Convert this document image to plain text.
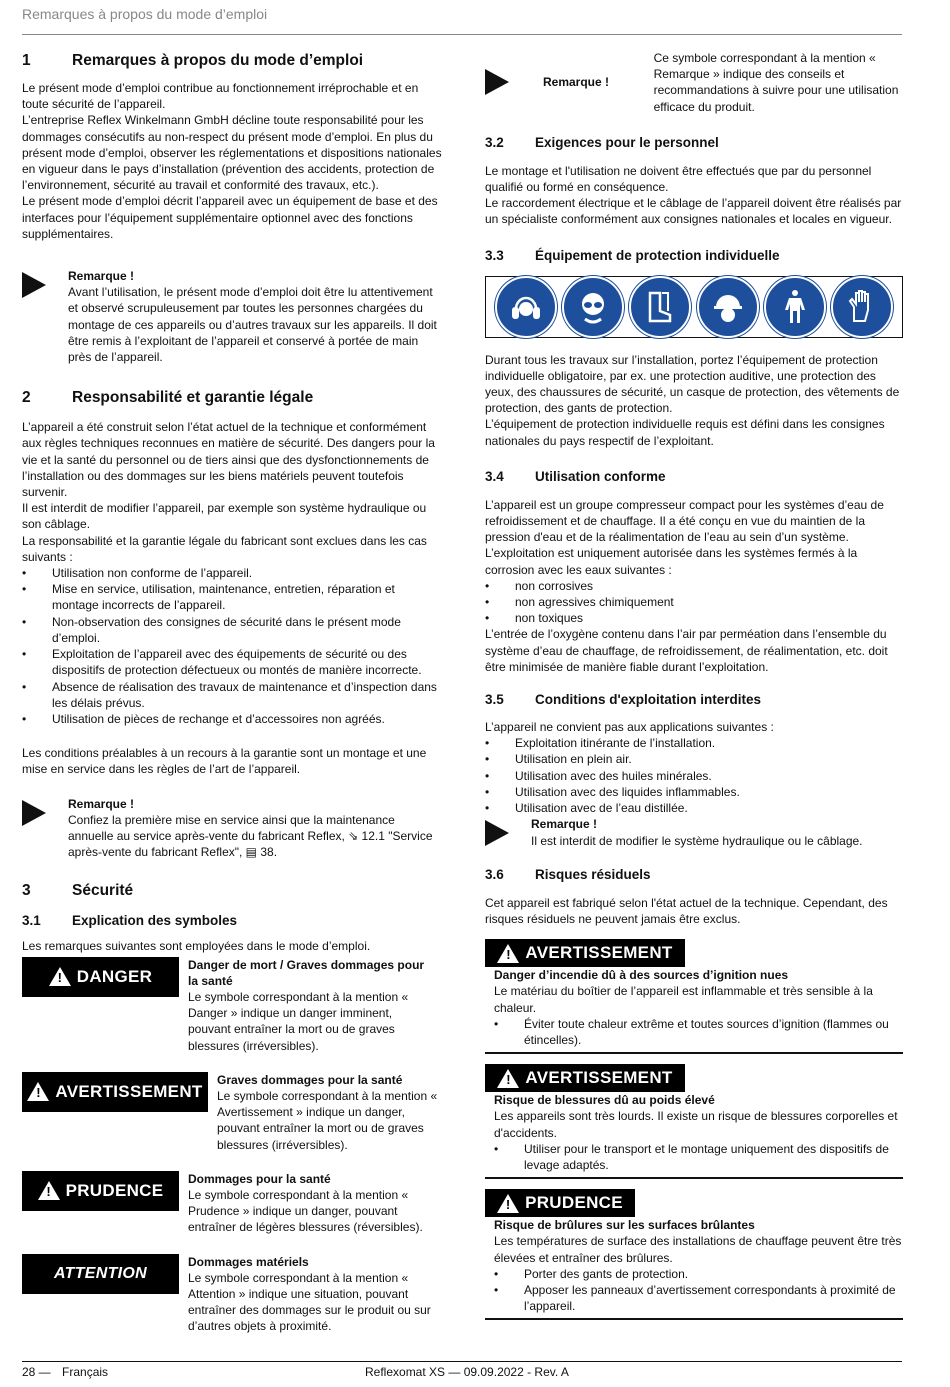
Remarques à propos du mode d’emploi
1	Remarques à propos du mode d’emploi

Le présent mode d’emploi contribue au fonctionnement irréprochable et en toute sécurité de l’appareil.

L’entreprise Reflex Winkelmann GmbH décline toute responsabilité pour les dommages consécutifs au non-respect du présent mode d’emploi. En plus du présent mode d’emploi, observer les réglementations et dispositions nationales en vigueur dans le pays d’installation (prévention des accidents, protection de l’environnement, sécurité au travail et conformité des travaux, etc.).

Le présent mode d’emploi décrit l’appareil avec un équipement de base et des interfaces pour l’équipement supplémentaire optionnel avec des fonctions supplémentaires.

Remarque !

Avant l’utilisation, le présent mode d’emploi doit être lu attentivement et observé scrupuleusement par toutes les personnes chargées du montage de ces appareils ou d’autres travaux sur les appareils. Il doit être remis à l’exploitant de l’appareil et conservé à portée de main près de l’appareil.

2	Responsabilité et garantie légale

L’appareil a été construit selon l’état actuel de la technique et conformément aux règles techniques reconnues en matière de sécurité. Des dangers pour la vie et la santé du personnel ou de tiers ainsi que des dysfonctionnements de l’installation ou des dommages sur les biens matériels peuvent toutefois survenir.

Il est interdit de modifier l’appareil, par exemple son système hydraulique ou son câblage.

La responsabilité et la garantie légale du fabricant sont exclues dans les cas suivants :

• Utilisation non conforme de l’appareil.
• Mise en service, utilisation, maintenance, entretien, réparation et montage incorrects de l’appareil.
• Non-observation des consignes de sécurité dans le présent mode d’emploi.
• Exploitation de l’appareil avec des équipements de sécurité ou des dispositifs de protection défectueux ou montés de manière incorrecte.
• Absence de réalisation des travaux de maintenance et d’inspection dans les délais prévus.
• Utilisation de pièces de rechange et d’accessoires non agréés.

Les conditions préalables à un recours à la garantie sont un montage et une mise en service dans les règles de l’art de l’appareil.

Remarque !

Confiez la première mise en service ainsi que la maintenance annuelle au service après-vente du fabricant Reflex, ⇘ 12.1 "Service après-vente du fabricant Reflex", ▤ 38.

3	Sécurité
3.1	Explication des symboles

Les remarques suivantes sont employées dans le mode d’emploi.

! DANGER
Danger de mort / Graves dommages pour la santé

Le symbole correspondant à la mention « Danger » indique un danger imminent, pouvant entraîner la mort ou de graves blessures (irréversibles).

! AVERTISSEMENT
Graves dommages pour la santé

Le symbole correspondant à la mention « Avertissement » indique un danger, pouvant entraîner la mort ou de graves blessures (irréversibles).

! PRUDENCE
Dommages pour la santé

Le symbole correspondant à la mention « Prudence » indique un danger, pouvant entraîner de légères blessures (réversibles).

ATTENTION
Dommages matériels

Le symbole correspondant à la mention « Attention » indique une situation, pouvant entraîner des dommages sur le produit ou sur d’autres objets à proximité.

Remarque !

Ce symbole correspondant à la mention « Remarque » indique des conseils et recommandations à suivre pour une utilisation efficace du produit.

3.2	Exigences pour le personnel

Le montage et l'utilisation ne doivent être effectués que par du personnel qualifié ou formé en conséquence.

Le raccordement électrique et le câblage de l’appareil doivent être réalisés par un spécialiste conformément aux consignes nationales et locales en vigueur.

3.3	Équipement de protection individuelle

Durant tous les travaux sur l’installation, portez l’équipement de protection individuelle obligatoire, par ex. une protection auditive, une protection des yeux, des chaussures de sécurité, un casque de protection, des vêtements de protection, des gants de protection.

L’équipement de protection individuelle requis est défini dans les consignes nationales du pays respectif de l’exploitant.

3.4	Utilisation conforme

L’appareil est un groupe compresseur compact pour les systèmes d’eau de refroidissement et de chauffage. Il a été conçu en vue du maintien de la pression d'eau et de la réalimentation de l’eau au sein d’un système. L’exploitation est uniquement autorisée dans les systèmes fermés à la corrosion avec les eaux suivantes :

• non corrosives
• non agressives chimiquement
• non toxiques

L’entrée de l’oxygène contenu dans l’air par perméation dans l’ensemble du système d’eau de chauffage, de refroidissement, de réalimentation, etc. doit être minimisée de manière fiable durant l’exploitation.

3.5	Conditions d'exploitation interdites

L’appareil ne convient pas aux applications suivantes :

• Exploitation itinérante de l’installation.
• Utilisation en plein air.
• Utilisation avec des huiles minérales.
• Utilisation avec des liquides inflammables.
• Utilisation avec de l’eau distillée.
Remarque !

Il est interdit de modifier le système hydraulique ou le câblage.

3.6	Risques résiduels

Cet appareil est fabriqué selon l'état actuel de la technique. Cependant, des risques résiduels ne peuvent jamais être exclus.

! AVERTISSEMENT
Danger d’incendie dû à des sources d’ignition nues

Le matériau du boîtier de l’appareil est inflammable et très sensible à la chaleur.

• Éviter toute chaleur extrême et toutes sources d’ignition (flammes ou étincelles).
! AVERTISSEMENT
Risque de blessures dû au poids élevé

Les appareils sont très lourds. Il existe un risque de blessures corporelles et d'accidents.

• Utiliser pour le transport et le montage uniquement des dispositifs de levage adaptés.
! PRUDENCE
Risque de brûlures sur les surfaces brûlantes

Les températures de surface des installations de chauffage peuvent être très élevées et entraîner des brûlures.

• Porter des gants de protection.
• Apposer les panneaux d’avertissement correspondants à proximité de l’appareil.
28 — Français	Reflexomat XS — 09.09.2022 - Rev. A
